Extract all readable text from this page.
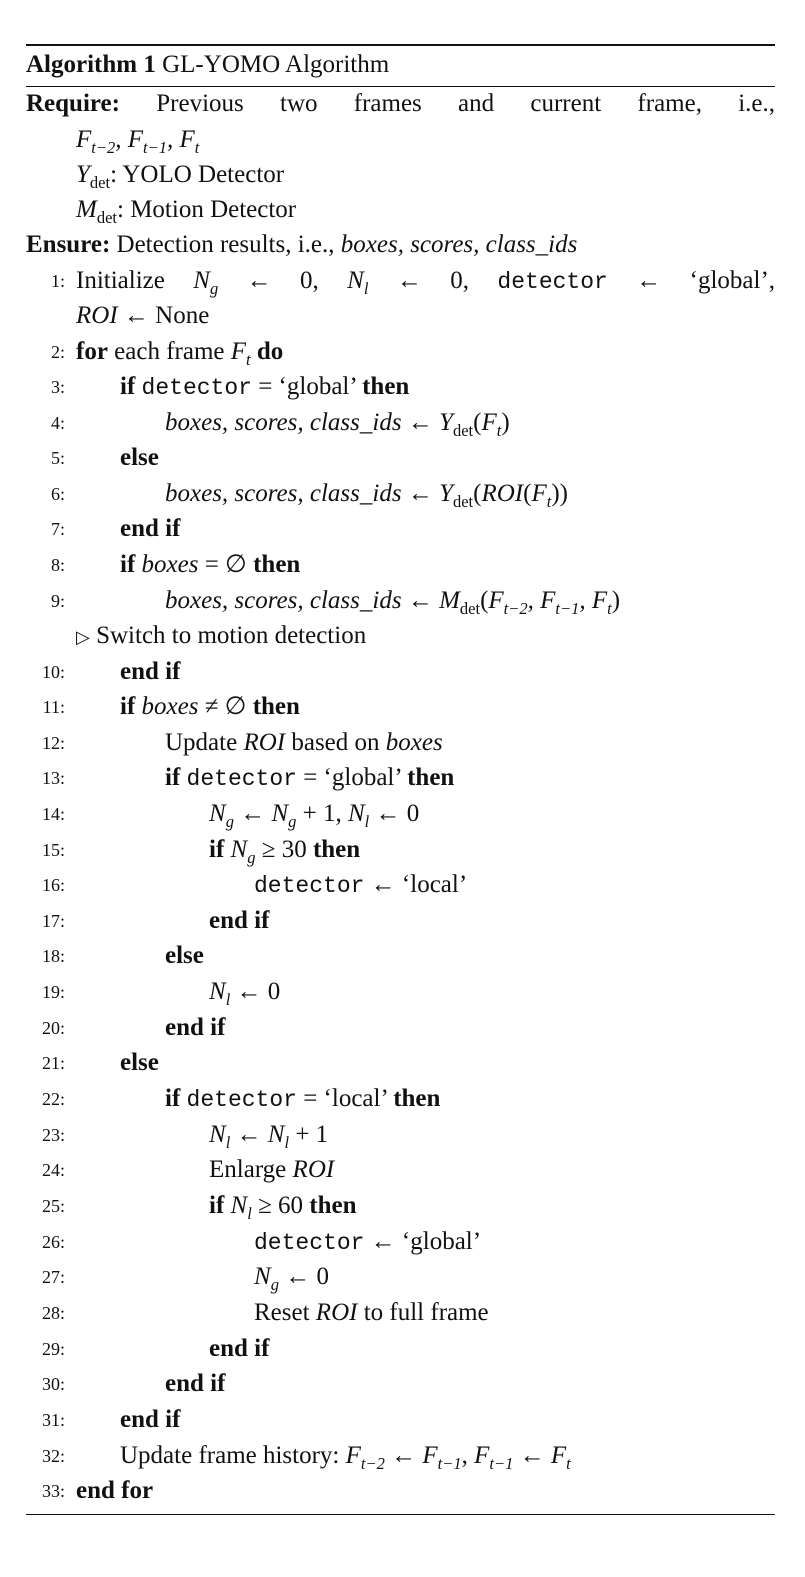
Algorithm 1 GL-YOMO Algorithm
Require: Previous two frames and current frame, i.e.,
$F_{t-2}$, $F_{t-1}$, $F_t$
$Y_{det}$: YOLO Detector
$M_{det}$: Motion Detector
Ensure: Detection results, i.e., boxes, scores, class_ids
1: Initialize $N_g$ ← 0, $N_l$ ← 0, detector ← ‘global’,
ROI ← None
2: for each frame $F_t$ do
3: if detector = ‘global’ then
4:	boxes, scores, class_ids ← $Y_{det}(F_t)$
5: else
6:	boxes, scores, class_ids ← $Y_{det}(ROI(F_t))$
7: end if
8: if boxes = ∅ then
9:	boxes, scores, class_ids ← $M_{det}(F_{t-2}$, $F_{t-1}$, $F_t$)
▷ Switch to motion detection
10: end if
11: if boxes ≠ ∅ then
12:	Update ROI based on boxes
13:	if detector = ‘global’ then
14:	$N_g$ ← $N_g + 1$, $N_l$ ← 0
15:	if $N_g \ge 30$ then
16:	detector ← ‘local’
17:	end if
18:	else
19:	$N_l$ ← 0
20:	end if
21: else
22:	if detector = ‘local’ then
23:	$N_l$ ← $N_l + 1$
24:	Enlarge ROI
25:	if $N_l \ge 60$ then
26:	detector ← ‘global’
27:	$N_g$ ← 0
28:	Reset ROI to full frame
29:	end if
30:	end if
31: end if
32: Update frame history: $F_{t-2}$ ← $F_{t-1}$, $F_{t-1}$ ← $F_t$
33: end for
